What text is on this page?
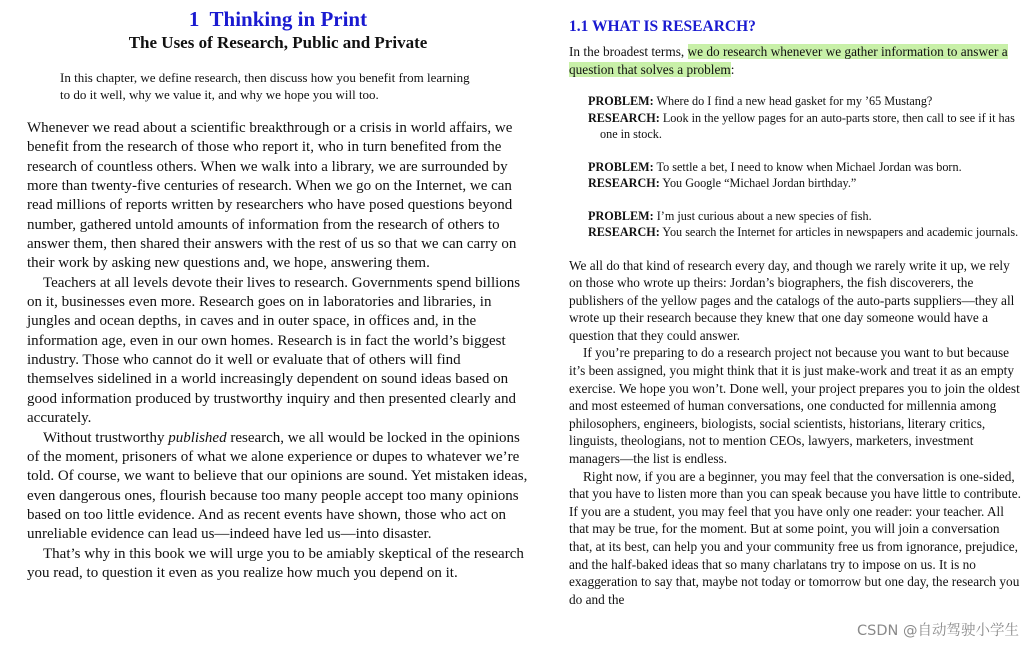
1 Thinking in Print
The Uses of Research, Public and Private
In this chapter, we define research, then discuss how you benefit from learning to do it well, why we value it, and why we hope you will too.

Whenever we read about a scientific breakthrough or a crisis in world affairs, we benefit from the research of those who report it, who in turn benefited from the research of countless others. When we walk into a library, we are surrounded by more than twenty-five centuries of research. When we go on the Internet, we can read millions of reports written by researchers who have posed questions beyond number, gathered untold amounts of information from the research of others to answer them, then shared their answers with the rest of us so that we can carry on their work by asking new questions and, we hope, answering them.

Teachers at all levels devote their lives to research. Governments spend billions on it, businesses even more. Research goes on in laboratories and libraries, in jungles and ocean depths, in caves and in outer space, in offices and, in the information age, even in our own homes. Research is in fact the world’s biggest industry. Those who cannot do it well or evaluate that of others will find themselves sidelined in a world increasingly dependent on sound ideas based on good information produced by trustworthy inquiry and then presented clearly and accurately.

Without trustworthy published research, we all would be locked in the opinions of the moment, prisoners of what we alone experience or dupes to whatever we’re told. Of course, we want to believe that our opinions are sound. Yet mistaken ideas, even dangerous ones, flourish because too many people accept too many opinions based on too little evidence. And as recent events have shown, those who act on unreliable evidence can lead us—indeed have led us—into disaster.

That’s why in this book we will urge you to be amiably skeptical of the research you read, to question it even as you realize how much you depend on it.

1.1 WHAT IS RESEARCH?
In the broadest terms, we do research whenever we gather information to answer a question that solves a problem:
PROBLEM: Where do I find a new head gasket for my ’65 Mustang?
RESEARCH: Look in the yellow pages for an auto-parts store, then call to see if it has one in stock.
PROBLEM: To settle a bet, I need to know when Michael Jordan was born.
RESEARCH: You Google “Michael Jordan birthday.”
PROBLEM: I’m just curious about a new species of fish.
RESEARCH: You search the Internet for articles in newspapers and academic journals.

We all do that kind of research every day, and though we rarely write it up, we rely on those who wrote up theirs: Jordan’s biographers, the fish discoverers, the publishers of the yellow pages and the catalogs of the auto-parts suppliers—they all wrote up their research because they knew that one day someone would have a question that they could answer.

If you’re preparing to do a research project not because you want to but because it’s been assigned, you might think that it is just make-work and treat it as an empty exercise. We hope you won’t. Done well, your project prepares you to join the oldest and most esteemed of human conversations, one conducted for millennia among philosophers, engineers, biologists, social scientists, historians, literary critics, linguists, theologians, not to mention CEOs, lawyers, marketers, investment managers—the list is endless.

Right now, if you are a beginner, you may feel that the conversation is one-sided, that you have to listen more than you can speak because you have little to contribute. If you are a student, you may feel that you have only one reader: your teacher. All that may be true, for the moment. But at some point, you will join a conversation that, at its best, can help you and your community free us from ignorance, prejudice, and the half-baked ideas that so many charlatans try to impose on us. It is no exaggeration to say that, maybe not today or tomorrow but one day, the research you do and the

CSDN @自动驾驶小学生
